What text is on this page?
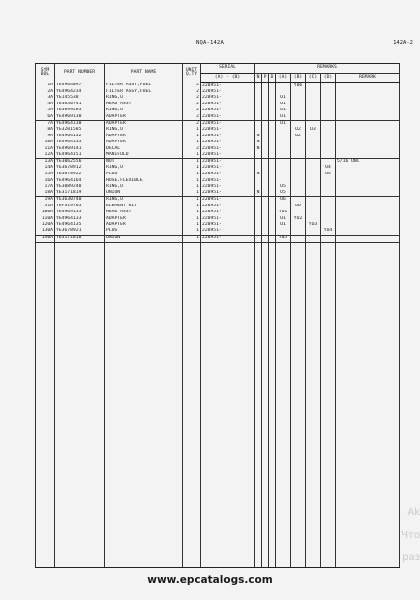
NQA-142A	142A-2
SYM BOL	PART NUMBER	PART NAME	UNIT Q,TY	SERIAL	REMARKS							
				(A) - (B)	N	P	D	(A)	(B)	(C)	(D)	REMARK
1A	YE4964097	FILTER ASSY,FUEL	2	220951-					Y06			
2A	YE4964234	FILTER ASSY,FUEL	2	220951-								
3A	YE145538	RING,O	2	220951-				O1				
4A	YE3630741	HEAD ASSY	2	220951-				O1				
5A	YE3899283	RING,O	2	220951-				O1				
6A	YE4969130	ADAPTER	2	220951-				O1				
7A	YE4964130	ADAPTER	2	220951-				O1				
8A	YE3201585	RING,O	1	220951-					O2	O3		
9A	YE4964132	ADAPTER	1	220951-	N				O2			
10A	YE4964133	ADAPTER	1	220951-	N							
11A	YE4969141	DECAL	2	220951-	N							
12A	YE4964151	MANIFOLD	1	220951-								
13A	YE3062556	NUT	1	220951-								5/16 UNC
14A	YE3678912	RING,O	1	220951-							O4	
15A	YE3678922	PLUG	1	220951-	N						O4	
16A	YE4964164	HOSE,FLEXIBLE	1	220951-								
17A	YE3089240	RING,O	1	220951-				O5				
18A	YE3171819	UNION	1	220951-	N			O5				
19A	YE3630740	RING,O	1	220951-				O6				
31A	YEFS19763	ELEMENT KIT	1	220951-					O6			
100A	YE4969133	HEAD ASSY	1	220951-				YO1				
110A	YE4964133	ADAPTER	1	220951-				O1	YO2			
120A	YE4964135	ADAPTER	1	220951-				O1		YO3		
130A	YE3678921	PLUG	1	220951-							YO4	
140A	YE3171818	UNION	1	220951-				Y05				

Ak
Что
раз
www.epcatalogs.com
